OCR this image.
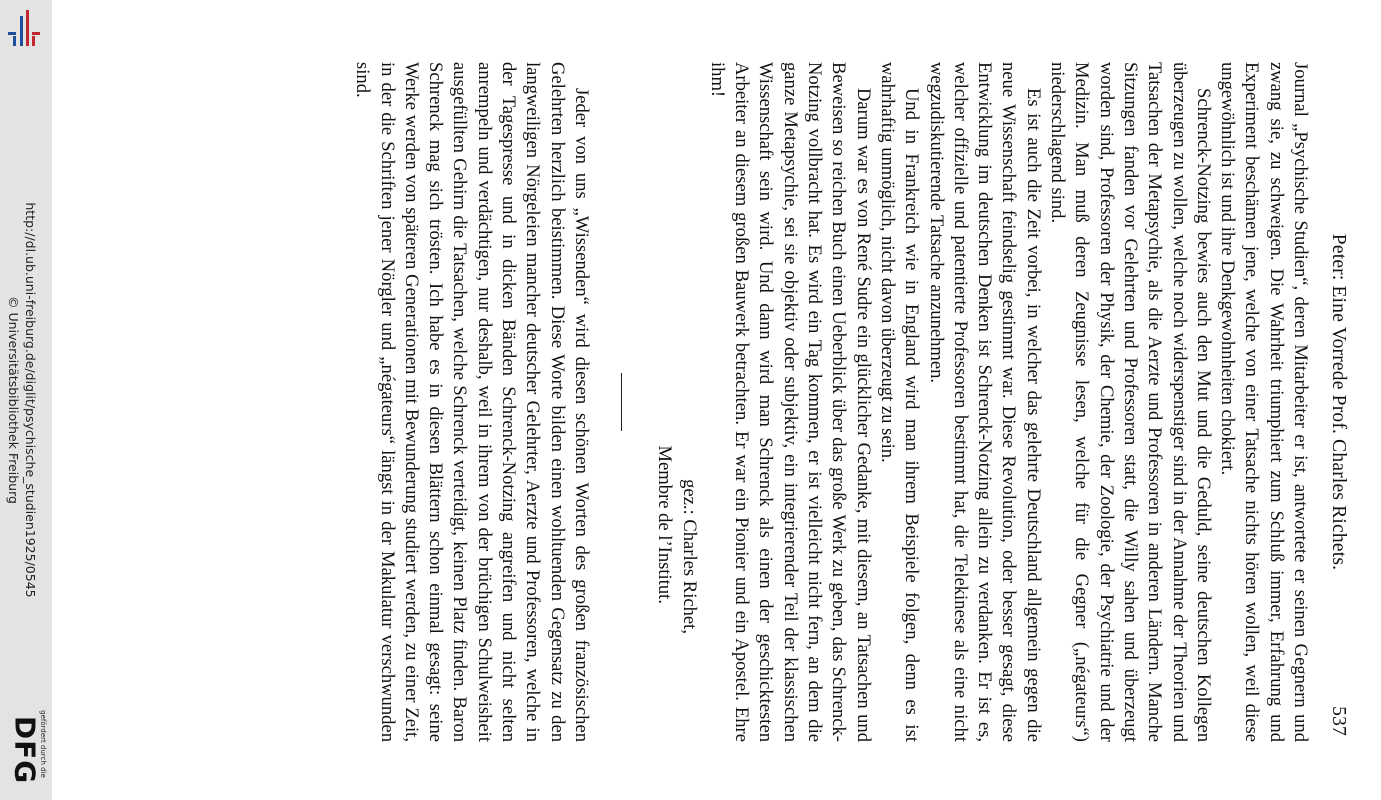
http://dl.ub.uni-freiburg.de/diglit/psychische_studien1925/0545
© Universitätsbibliothek Freiburg
gefördert durch die
DFG
Peter: Eine Vorrede Prof. Charles Richets.
537

Journal „Psychische Studien“, deren Mitarbeiter er ist, antwortete er seinen Gegnern und zwang sie, zu schweigen. Die Wahrheit triumphiert zum Schluß immer, Erfahrung und Experiment beschämen jene, welche von einer Tatsache nichts hören wollen, weil diese ungewöhnlich ist und ihre Denkgewohnheiten chokiert.

Schrenck-Notzing bewies auch den Mut und die Geduld, seine deutschen Kollegen überzeugen zu wollen, welche noch widerspenstiger sind in der Annahme der Theorien und Tatsachen der Metapsychie, als die Aerzte und Professoren in anderen Ländern. Manche Sitzungen fanden vor Gelehrten und Professoren statt, die Willy sahen und überzeugt worden sind, Professoren der Physik, der Chemie, der Zoologie, der Psychiatrie und der Medizin. Man muß deren Zeugnisse lesen, welche für die Gegner („négateurs“) niederschlagend sind.

Es ist auch die Zeit vorbei, in welcher das gelehrte Deutschland allgemein gegen die neue Wissenschaft feindselig gestimmt war. Diese Revolution, oder besser gesagt, diese Entwicklung im deutschen Denken ist Schrenck-Notzing allein zu verdanken. Er ist es, welcher offizielle und patentierte Professoren bestimmt hat, die Telekinese als eine nicht wegzudiskutierende Tatsache anzunehmen.

Und in Frankreich wie in England wird man ihrem Beispiele folgen, denn es ist wahrhaftig unmöglich, nicht davon überzeugt zu sein.

Darum war es von René Sudre ein glücklicher Gedanke, mit diesem, an Tatsachen und Beweisen so reichen Buch einen Ueberblick über das große Werk zu geben, das Schrenck-Notzing vollbracht hat. Es wird ein Tag kommen, er ist vielleicht nicht fern, an dem die ganze Metapsychie, sei sie objektiv oder subjektiv, ein integrierender Teil der klassischen Wissenschaft sein wird. Und dann wird man Schrenck als einen der geschicktesten Arbeiter an diesem großen Bauwerk betrachten. Er war ein Pionier und ein Apostel. Ehre ihm!

gez.: Charles Richet,
Membre de l’Institut.

Jeder von uns „Wissenden“ wird diesen schönen Worten des großen französischen Gelehrten herzlich beistimmen. Diese Worte bilden einen wohltuenden Gegensatz zu den langweiligen Nörgeleien mancher deutscher Gelehrter, Aerzte und Professoren, welche in der Tagespresse und in dicken Bänden Schrenck-Notzing angreifen und nicht selten anrempeln und verdächtigen, nur deshalb, weil in ihrem von der brüchigen Schulweisheit ausgefüllten Gehirn die Tatsachen, welche Schrenck verteidigt, keinen Platz finden. Baron Schrenck mag sich trösten. Ich habe es in diesen Blättern schon einmal gesagt: seine Werke werden von späteren Generationen mit Bewunderung studiert werden, zu einer Zeit, in der die Schriften jener Nörgler und „négateurs“ längst in der Makulatur verschwunden sind.
